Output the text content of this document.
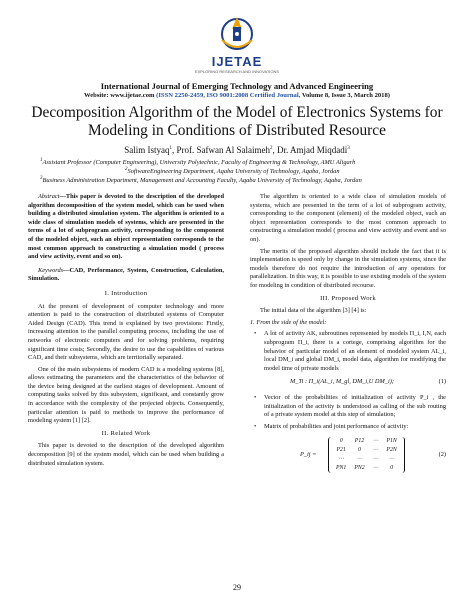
IJETAE
EXPLORING RESEARCH AND INNOVATIONS
International Journal of Emerging Technology and Advanced Engineering
Website: www.ijetae.com (ISSN 2250-2459, ISO 9001:2008 Certified Journal, Volume 8, Issue 3, March 2018)
Decomposition Algorithm of the Model of Electronics Systems for Modeling in Conditions of Distributed Resource
Salim Istyaq$^1$, Prof. Safwan Al Salaimeh$^2$, Dr. Amjad Miqdadi$^3$
$^1$Assistant Professor (Computer Engineering), University Polytechnic, Faculty of Engineering & Technology, AMU Aligarh
$^2$SoftwareEngineering Department, Aqaba University of Technology, Aqaba, Jordan
$^3$Business Administration Department, Management and Accounting Faculty, Aqaba University of Technology, Aqaba, Jordan

Abstract—This paper is devoted to the description of the developed algorithm decomposition of the system model, which can be used when building a distributed simulation system. The algorithm is oriented to a wide class of simulation models of systems, which are presented in the terms of a lot of subprogram activity, corresponding to the component of the modeled object, such an object representation corresponds to the most common approach to constructing a simulation model ( process and view activity, event and so on).

Keywords—CAD, Performance, System, Construction, Calculation, Simulation.

I. Introduction

At the present of development of computer technology and more attention is paid to the construction of distributed systems of Computer Aided Design (CAD). This trend is explained by two provisions: Firstly, increasing attention to the parallel computing process, including the use of networks of electronic computers and for solving problems, requiring significant time costs; Secondly, the desire to use the capabilities of various CAD, and their subsystems, which are territorially separated.

One of the main subsystems of modern CAD is a modeling systems [8], allows estimating the parameters and the characteristics of the behavior of the device being designed at the earliest stages of development. Amount of computing tasks solved by this subsystem, significant, and constantly grow in accordance with the complexity of the projected objects. Consequently, particular attention is paid to methods to improve the performance of modeling system [1] [2].

II. Related Work

This paper is devoted to the description of the developed algorithm decomposition [9] of the system model, which can be used when building a distributed simulation system.

The algorithm is oriented to a wide class of simulation models of systems, which are presented in the term of a lot of subprogram activity, corresponding to the component (element) of the modeled object, such an object representation corresponds to the most common approach to constructing a simulation model ( process and view activity and event and so on).

The merits of the proposed algorithm should include the fact that it is implementation is speed only by change in the simulation systems, since the models therefore do not require the introduction of any operators for parallelization. In this way, it is possible to use existing models of the system for modeling in condition of distributed recourse.

III. Proposed Work

The initial data of the algorithm [3] [4] is:

1. From the side of the model:
• A lot of activity AK, subroutines represented by models Π_i, I,N, each subprogram Π_i, there is a cortege, comprising algorithm for the behavior of particular model of an element of modeled system AL_i, local DM_i and global DM_i, model data, algorithm for modifying the model time of private models
M_Ti : Π_i(AL_i, M_gl, DM_i,U DM_i);	(1)
• Vector of the probabilities of initialization of activity P_i , the initialization of the activity is understood as calling of the sub routing of a private system model at this step of simulation;
• Matrix of probabilities and joint performance of activity:
P_ij =
0	P12	⋯	P1N
P21	0	⋯	P2N
⋯	⋯	⋯	⋯
PN1	PN2	⋯	0
(2)
29
